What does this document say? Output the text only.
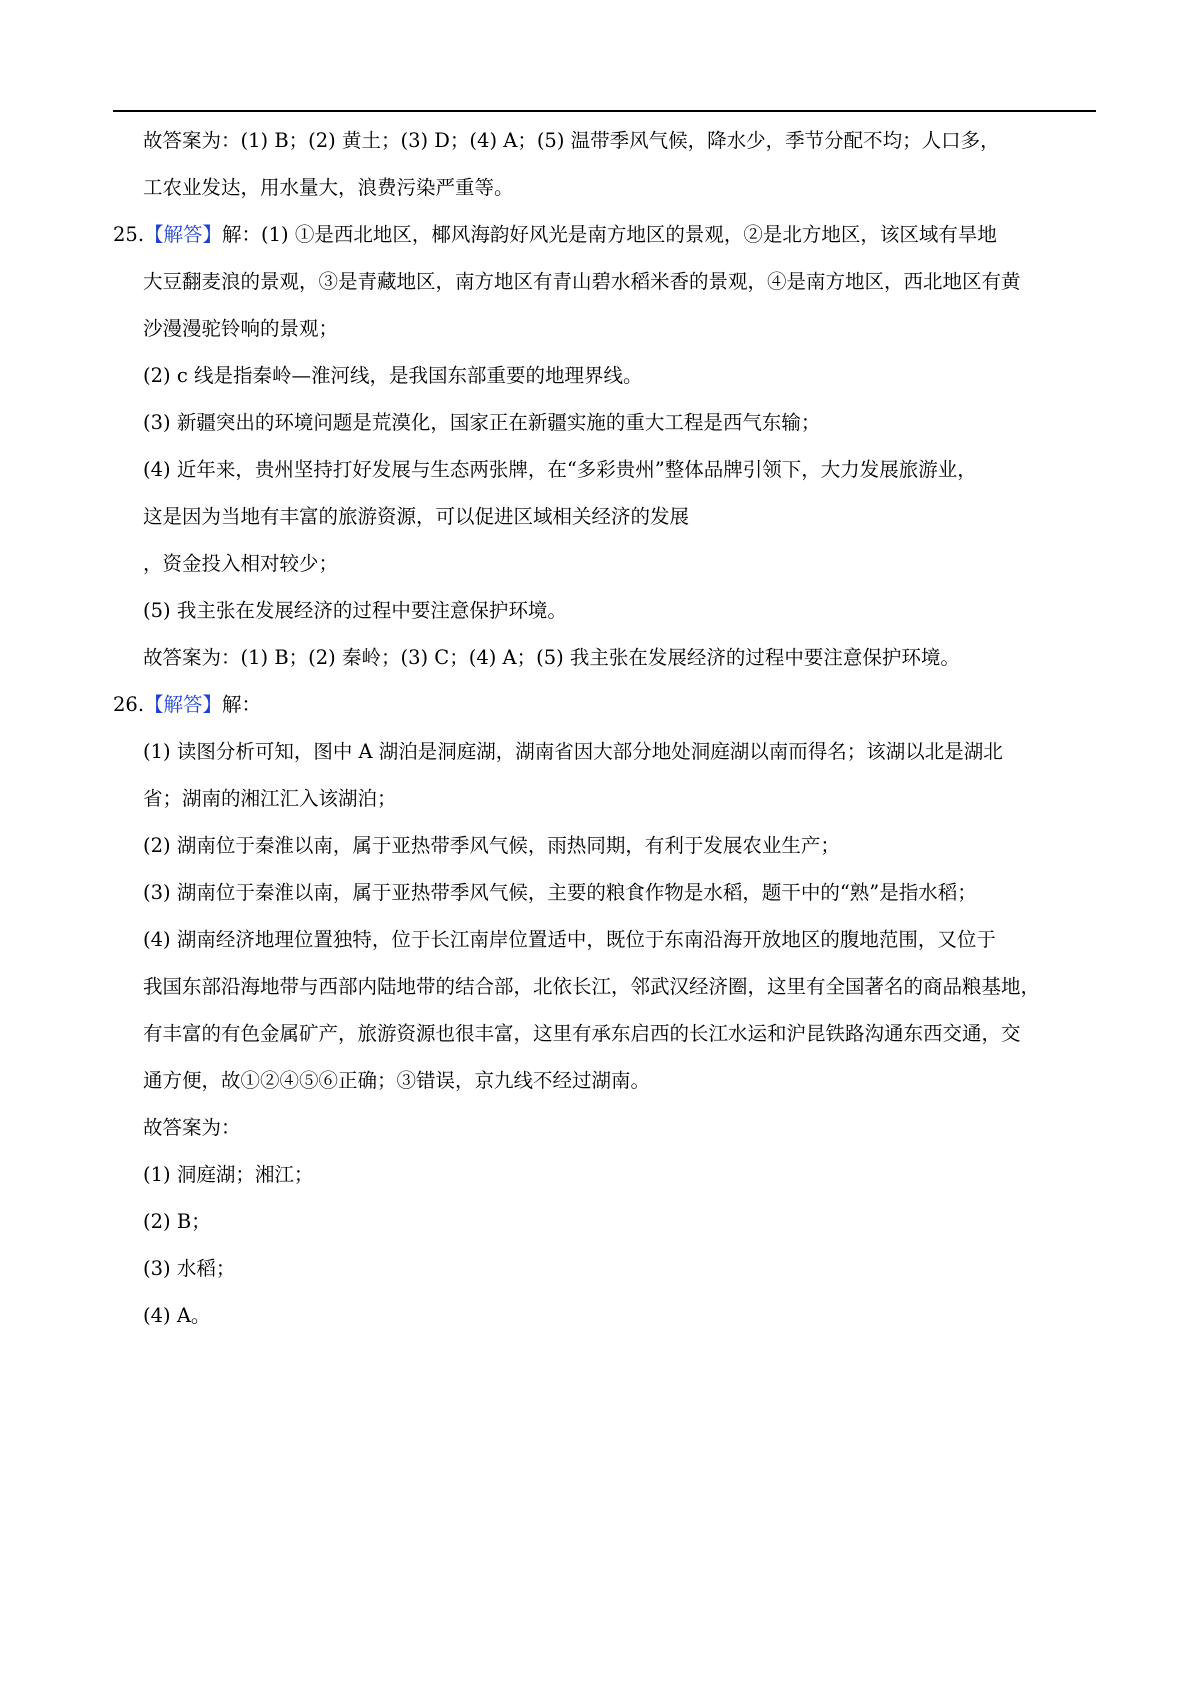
故答案为：(1) B；(2) 黄土；(3) D；(4) A；(5) 温带季风气候，降水少，季节分配不均；人口多，
工农业发达，用水量大，浪费污染严重等。
25.【解答】解：(1) ①是西北地区，椰风海韵好风光是南方地区的景观，②是北方地区，该区域有旱地
大豆翻麦浪的景观，③是青藏地区，南方地区有青山碧水稻米香的景观，④是南方地区，西北地区有黄
沙漫漫驼铃响的景观；
(2) c 线是指秦岭—淮河线，是我国东部重要的地理界线。
(3) 新疆突出的环境问题是荒漠化，国家正在新疆实施的重大工程是西气东输；
(4) 近年来，贵州坚持打好发展与生态两张牌，在“多彩贵州”整体品牌引领下，大力发展旅游业，
这是因为当地有丰富的旅游资源，可以促进区域相关经济的发展
，资金投入相对较少；
(5) 我主张在发展经济的过程中要注意保护环境。
故答案为：(1) B；(2) 秦岭；(3) C；(4) A；(5) 我主张在发展经济的过程中要注意保护环境。
26.【解答】解：
(1) 读图分析可知，图中 A 湖泊是洞庭湖，湖南省因大部分地处洞庭湖以南而得名；该湖以北是湖北
省；湖南的湘江汇入该湖泊；
(2) 湖南位于秦淮以南，属于亚热带季风气候，雨热同期，有利于发展农业生产；
(3) 湖南位于秦淮以南，属于亚热带季风气候，主要的粮食作物是水稻，题干中的“熟”是指水稻；
(4) 湖南经济地理位置独特，位于长江南岸位置适中，既位于东南沿海开放地区的腹地范围，又位于
我国东部沿海地带与西部内陆地带的结合部，北依长江，邻武汉经济圈，这里有全国著名的商品粮基地，
有丰富的有色金属矿产，旅游资源也很丰富，这里有承东启西的长江水运和沪昆铁路沟通东西交通，交
通方便，故①②④⑤⑥正确；③错误，京九线不经过湖南。
故答案为：
(1) 洞庭湖；湘江；
(2) B；
(3) 水稻；
(4) A。
